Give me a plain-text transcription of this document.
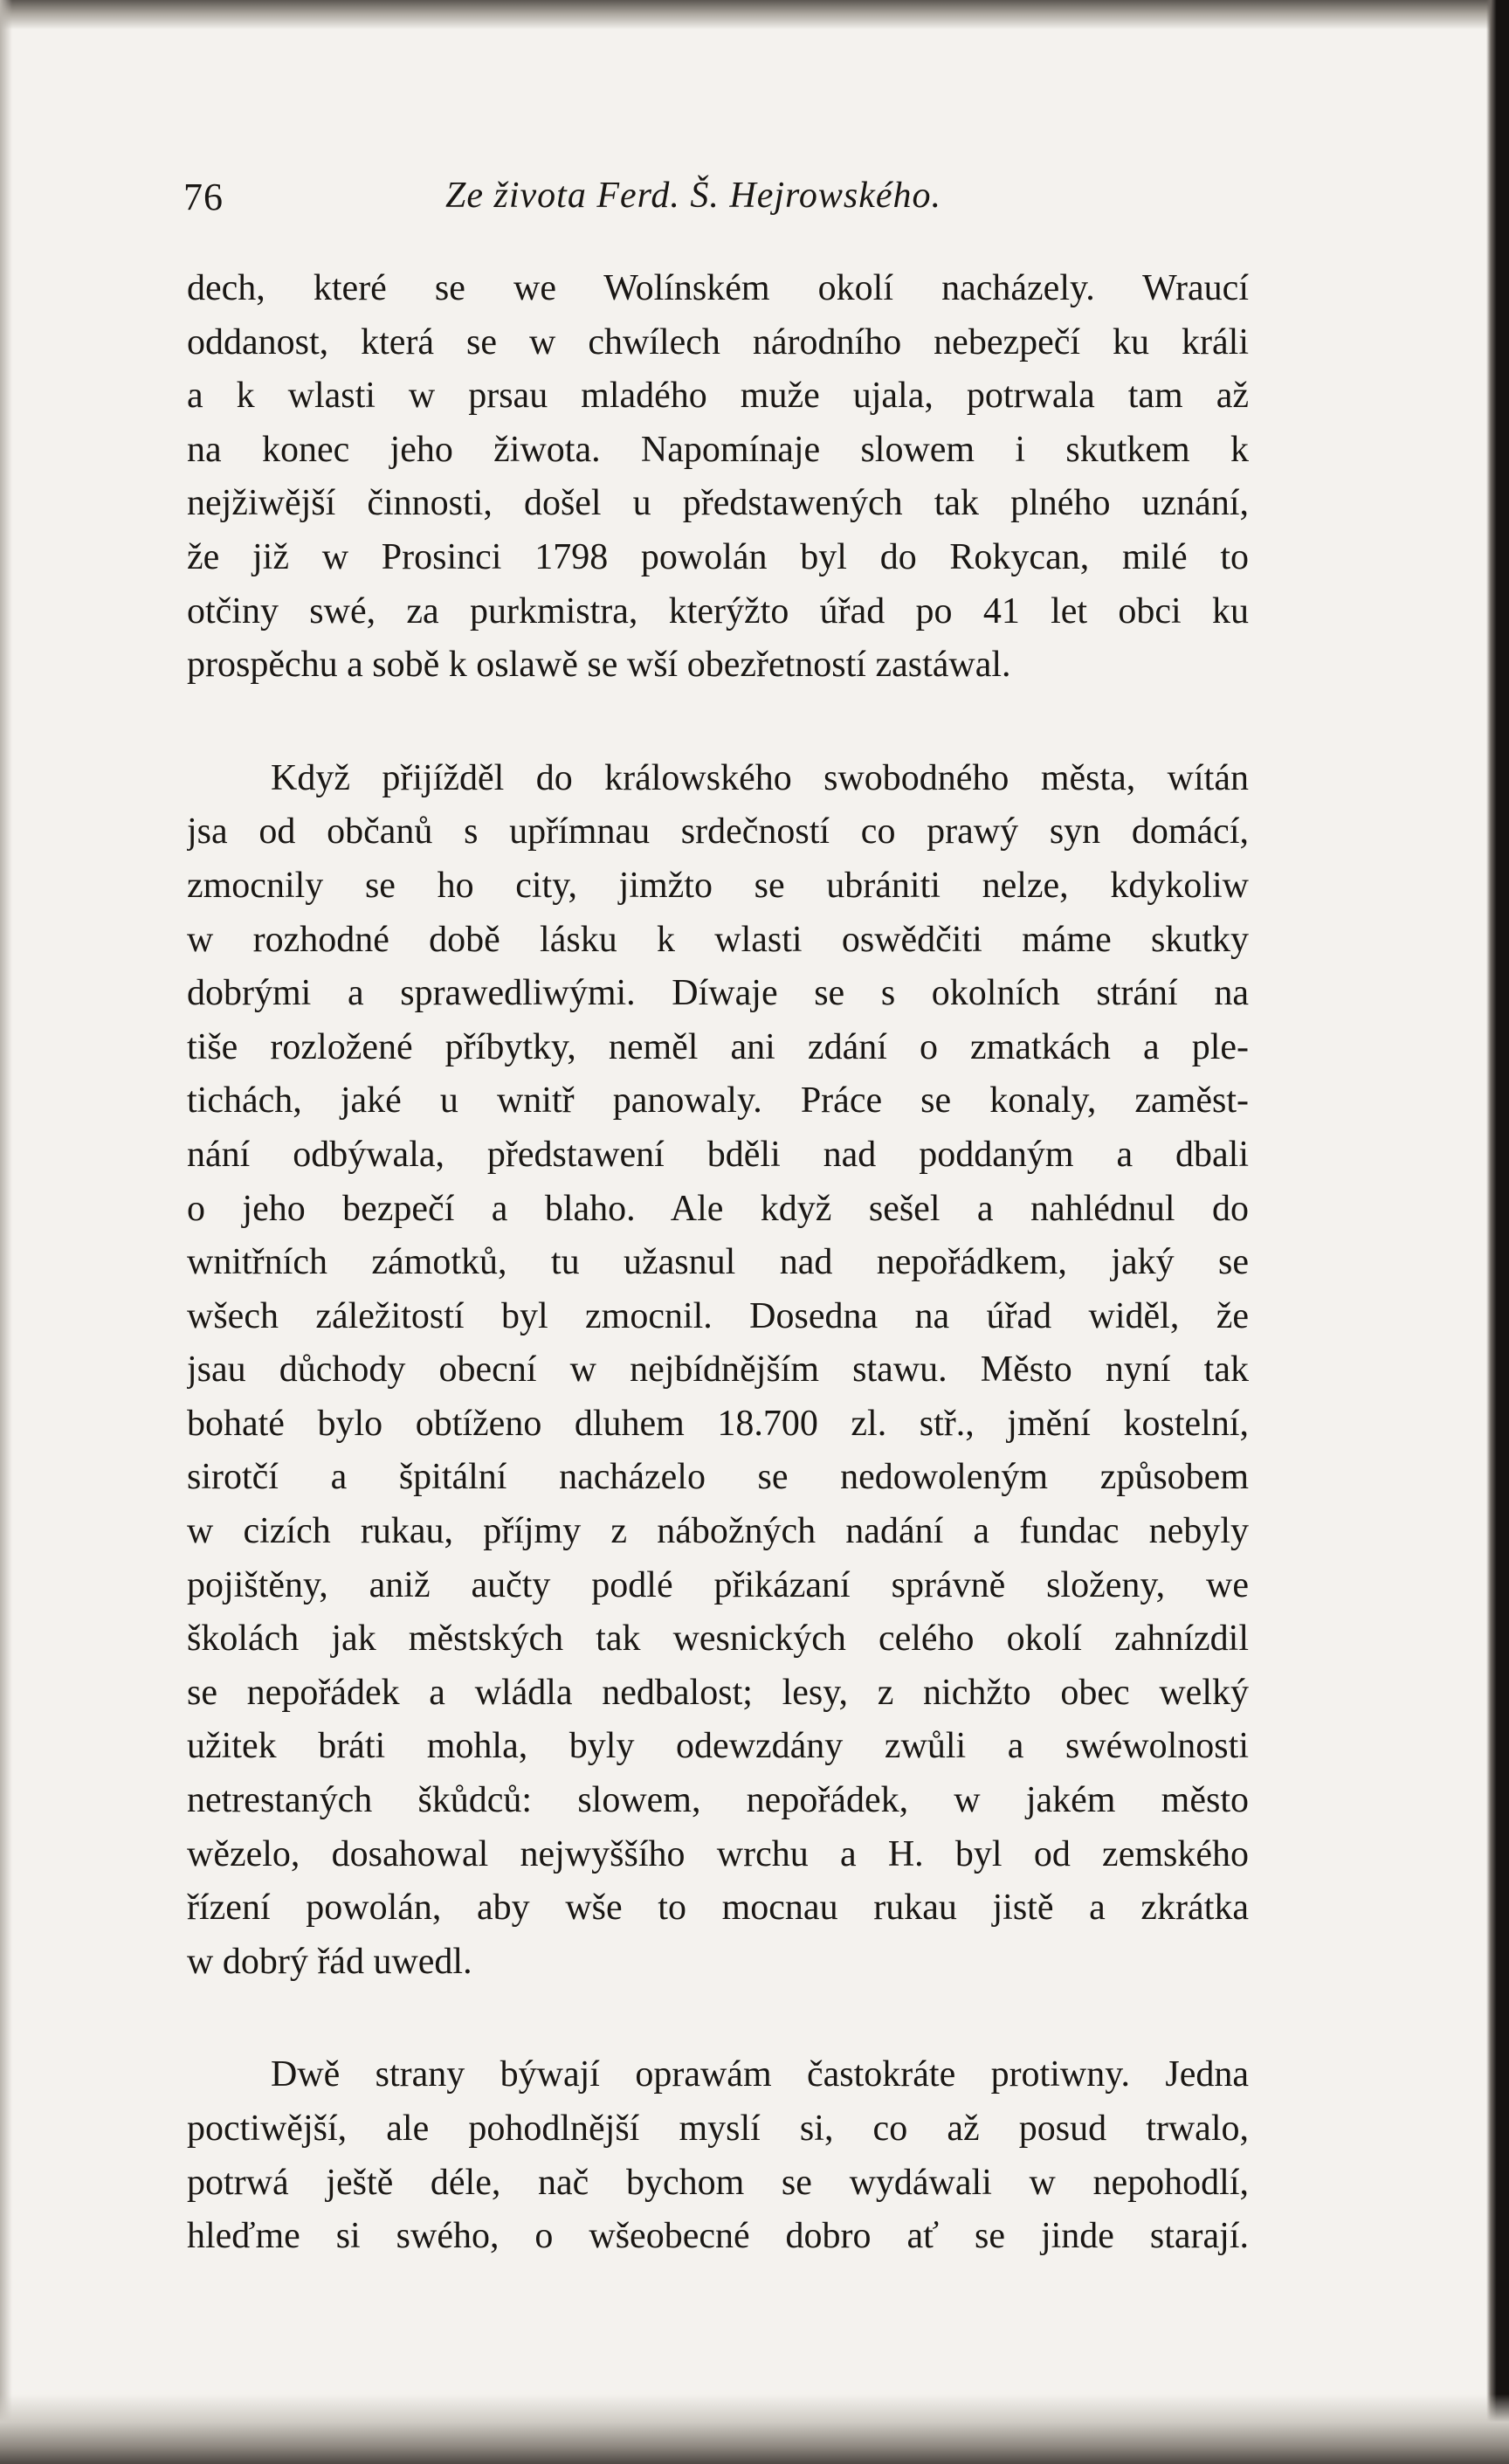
76	Ze života Ferd. Š. Hejrowského.
dech, které se we Wolínském okolí nacházely. Wraucí
oddanost, která se w chwílech národního nebezpečí ku králi
a k wlasti w prsau mladého muže ujala, potrwala tam až
na konec jeho žiwota. Napomínaje slowem i skutkem k
nejžiwější činnosti, došel u předstawených tak plného uznání,
že již w Prosinci 1798 powolán byl do Rokycan, milé to
otčiny swé, za purkmistra, kterýžto úřad po 41 let obci ku
prospěchu a sobě k oslawě se wší obezřetností zastáwal.
Když přijížděl do králowského swobodného města, wítán
jsa od občanů s upřímnau srdečností co prawý syn domácí,
zmocnily se ho city, jimžto se ubrániti nelze, kdykoliw
w rozhodné době lásku k wlasti oswědčiti máme skutky
dobrými a sprawedliwými. Díwaje se s okolních strání na
tiše rozložené příbytky, neměl ani zdání o zmatkách a ple-
tichách, jaké u wnitř panowaly. Práce se konaly, zaměst-
nání odbýwala, předstawení bděli nad poddaným a dbali
o jeho bezpečí a blaho. Ale když sešel a nahlédnul do
wnitřních zámotků, tu užasnul nad nepořádkem, jaký se
wšech záležitostí byl zmocnil. Dosedna na úřad widěl, že
jsau důchody obecní w nejbídnějším stawu. Město nyní tak
bohaté bylo obtíženo dluhem 18.700 zl. stř., jmění kostelní,
sirotčí a špitální nacházelo se nedowoleným způsobem
w cizích rukau, příjmy z nábožných nadání a fundac nebyly
pojištěny, aniž aučty podlé přikázaní správně složeny, we
školách jak městských tak wesnických celého okolí zahnízdil
se nepořádek a wládla nedbalost; lesy, z nichžto obec welký
užitek bráti mohla, byly odewzdány zwůli a swéwolnosti
netrestaných škůdců: slowem, nepořádek, w jakém město
wězelo, dosahowal nejwyššího wrchu a H. byl od zemského
řízení powolán, aby wše to mocnau rukau jistě a zkrátka
w dobrý řád uwedl.
Dwě strany býwají oprawám častokráte protiwny. Jedna
poctiwější, ale pohodlnější myslí si, co až posud trwalo,
potrwá ještě déle, nač bychom se wydáwali w nepohodlí,
hleďme si swého, o wšeobecné dobro ať se jinde starají.
